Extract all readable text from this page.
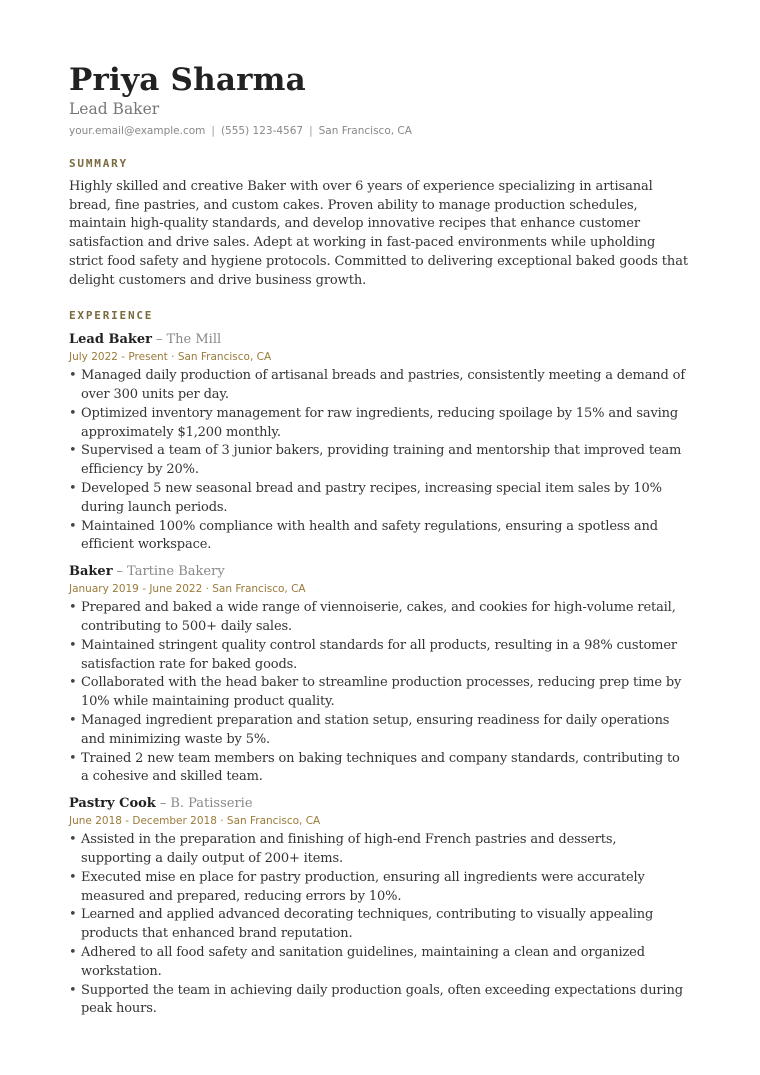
Priya Sharma
Lead Baker
your.email@example.com | (555) 123-4567 | San Francisco, CA
SUMMARY
Highly skilled and creative Baker with over 6 years of experience specializing in artisanal bread, fine pastries, and custom cakes. Proven ability to manage production schedules, maintain high-quality standards, and develop innovative recipes that enhance customer satisfaction and drive sales. Adept at working in fast-paced environments while upholding strict food safety and hygiene protocols. Committed to delivering exceptional baked goods that delight customers and drive business growth.
EXPERIENCE
Lead Baker – The Mill
July 2022 - Present · San Francisco, CA
• Managed daily production of artisanal breads and pastries, consistently meeting a demand of over 300 units per day.
• Optimized inventory management for raw ingredients, reducing spoilage by 15% and saving approximately $1,200 monthly.
• Supervised a team of 3 junior bakers, providing training and mentorship that improved team efficiency by 20%.
• Developed 5 new seasonal bread and pastry recipes, increasing special item sales by 10% during launch periods.
• Maintained 100% compliance with health and safety regulations, ensuring a spotless and efficient workspace.
Baker – Tartine Bakery
January 2019 - June 2022 · San Francisco, CA
• Prepared and baked a wide range of viennoiserie, cakes, and cookies for high-volume retail, contributing to 500+ daily sales.
• Maintained stringent quality control standards for all products, resulting in a 98% customer satisfaction rate for baked goods.
• Collaborated with the head baker to streamline production processes, reducing prep time by 10% while maintaining product quality.
• Managed ingredient preparation and station setup, ensuring readiness for daily operations and minimizing waste by 5%.
• Trained 2 new team members on baking techniques and company standards, contributing to a cohesive and skilled team.
Pastry Cook – B. Patisserie
June 2018 - December 2018 · San Francisco, CA
• Assisted in the preparation and finishing of high-end French pastries and desserts, supporting a daily output of 200+ items.
• Executed mise en place for pastry production, ensuring all ingredients were accurately measured and prepared, reducing errors by 10%.
• Learned and applied advanced decorating techniques, contributing to visually appealing products that enhanced brand reputation.
• Adhered to all food safety and sanitation guidelines, maintaining a clean and organized workstation.
• Supported the team in achieving daily production goals, often exceeding expectations during peak hours.
